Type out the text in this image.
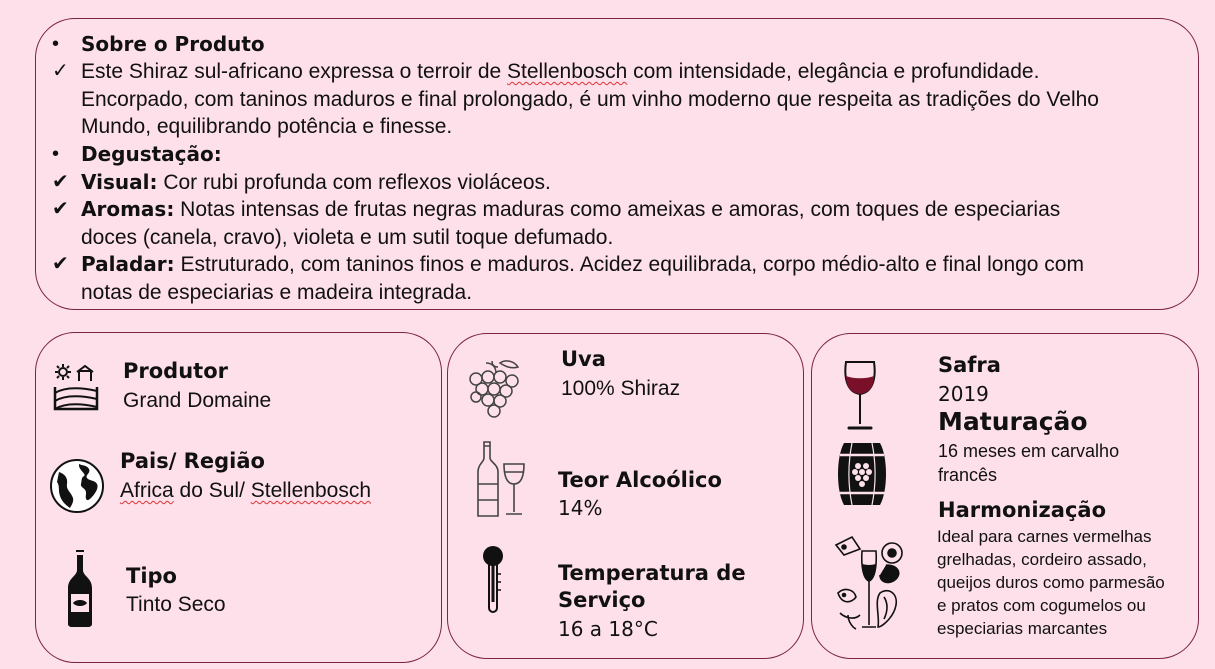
• Sobre o Produto
✓ Este Shiraz sul-africano expressa o terroir de Stellenbosch com intensidade, elegância e profundidade.
Encorpado, com taninos maduros e final prolongado, é um vinho moderno que respeita as tradições do Velho
Mundo, equilibrando potência e finesse.
• Degustação:
✔ Visual: Cor rubi profunda com reflexos violáceos.
✔ Aromas: Notas intensas de frutas negras maduras como ameixas e amoras, com toques de especiarias
doces (canela, cravo), violeta e um sutil toque defumado.
✔ Paladar: Estruturado, com taninos finos e maduros. Acidez equilibrada, corpo médio-alto e final longo com
notas de especiarias e madeira integrada.
Produtor
Grand Domaine
Pais/ Região
Africa do Sul/ Stellenbosch
Tipo
Tinto Seco
Uva
100% Shiraz
Teor Alcoólico
14%
Temperatura de
Serviço
16 a 18°C
Safra
2019
Maturação
16 meses em carvalho
francês
Harmonização
Ideal para carnes vermelhas
grelhadas, cordeiro assado,
queijos duros como parmesão
e pratos com cogumelos ou
especiarias marcantes
